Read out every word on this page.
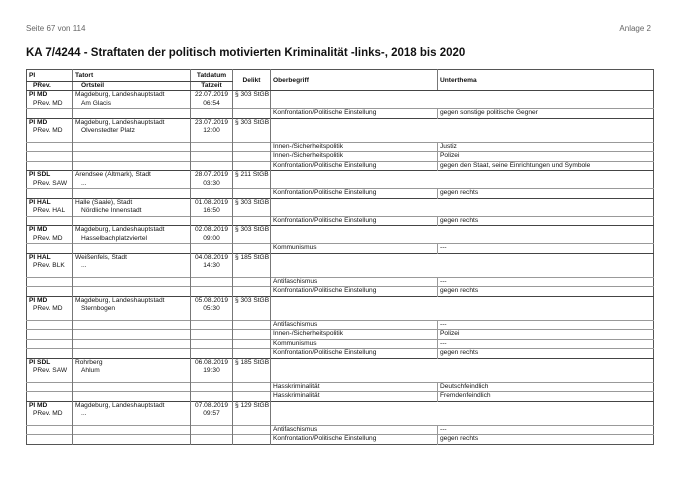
Seite 67 von 114	Anlage 2
KA 7/4244 - Straftaten der politisch motivierten Kriminalität -links-, 2018 bis 2020
PI	Tatort	Tatdatum	Delikt	Oberbegriff	Unterthema
PRev.	Ortsteil	Tatzeit			
PI MD	Magdeburg, Landeshauptstadt	22.07.2019	§ 303 StGB		
PRev. MD	Am Glacis	06:54			
				Konfrontation/Politische Einstellung	gegen sonstige politische Gegner
PI MD	Magdeburg, Landeshauptstadt	23.07.2019	§ 303 StGB		
PRev. MD	Olvenstedter Platz	12:00			

				Innen-/Sicherheitspolitik	Justiz
				Innen-/Sicherheitspolitik	Polizei
				Konfrontation/Politische Einstellung	gegen den Staat, seine Einrichtungen und Symbole
PI SDL	Arendsee (Altmark), Stadt	28.07.2019	§ 211 StGB		
PRev. SAW	...	03:30			
				Konfrontation/Politische Einstellung	gegen rechts
PI HAL	Halle (Saale), Stadt	01.08.2019	§ 303 StGB		
PRev. HAL	Nördliche Innenstadt	16:50			
				Konfrontation/Politische Einstellung	gegen rechts
PI MD	Magdeburg, Landeshauptstadt	02.08.2019	§ 303 StGB		
PRev. MD	Hasselbachplatzviertel	09:00			
				Kommunismus	---
PI HAL	Weißenfels, Stadt	04.08.2019	§ 185 StGB		
PRev. BLK	...	14:30			

				Antifaschismus	---
				Konfrontation/Politische Einstellung	gegen rechts
PI MD	Magdeburg, Landeshauptstadt	05.08.2019	§ 303 StGB		
PRev. MD	Sternbogen	05:30			

				Antifaschismus	---
				Innen-/Sicherheitspolitik	Polizei
				Kommunismus	---
				Konfrontation/Politische Einstellung	gegen rechts
PI SDL	Rohrberg	06.08.2019	§ 185 StGB		
PRev. SAW	Ahlum	19:30			

				Hasskriminalität	Deutschfeindlich
				Hasskriminalität	Fremdenfeindlich
PI MD	Magdeburg, Landeshauptstadt	07.08.2019	§ 129 StGB		
PRev. MD	...	09:57			

				Antifaschismus	---
				Konfrontation/Politische Einstellung	gegen rechts
